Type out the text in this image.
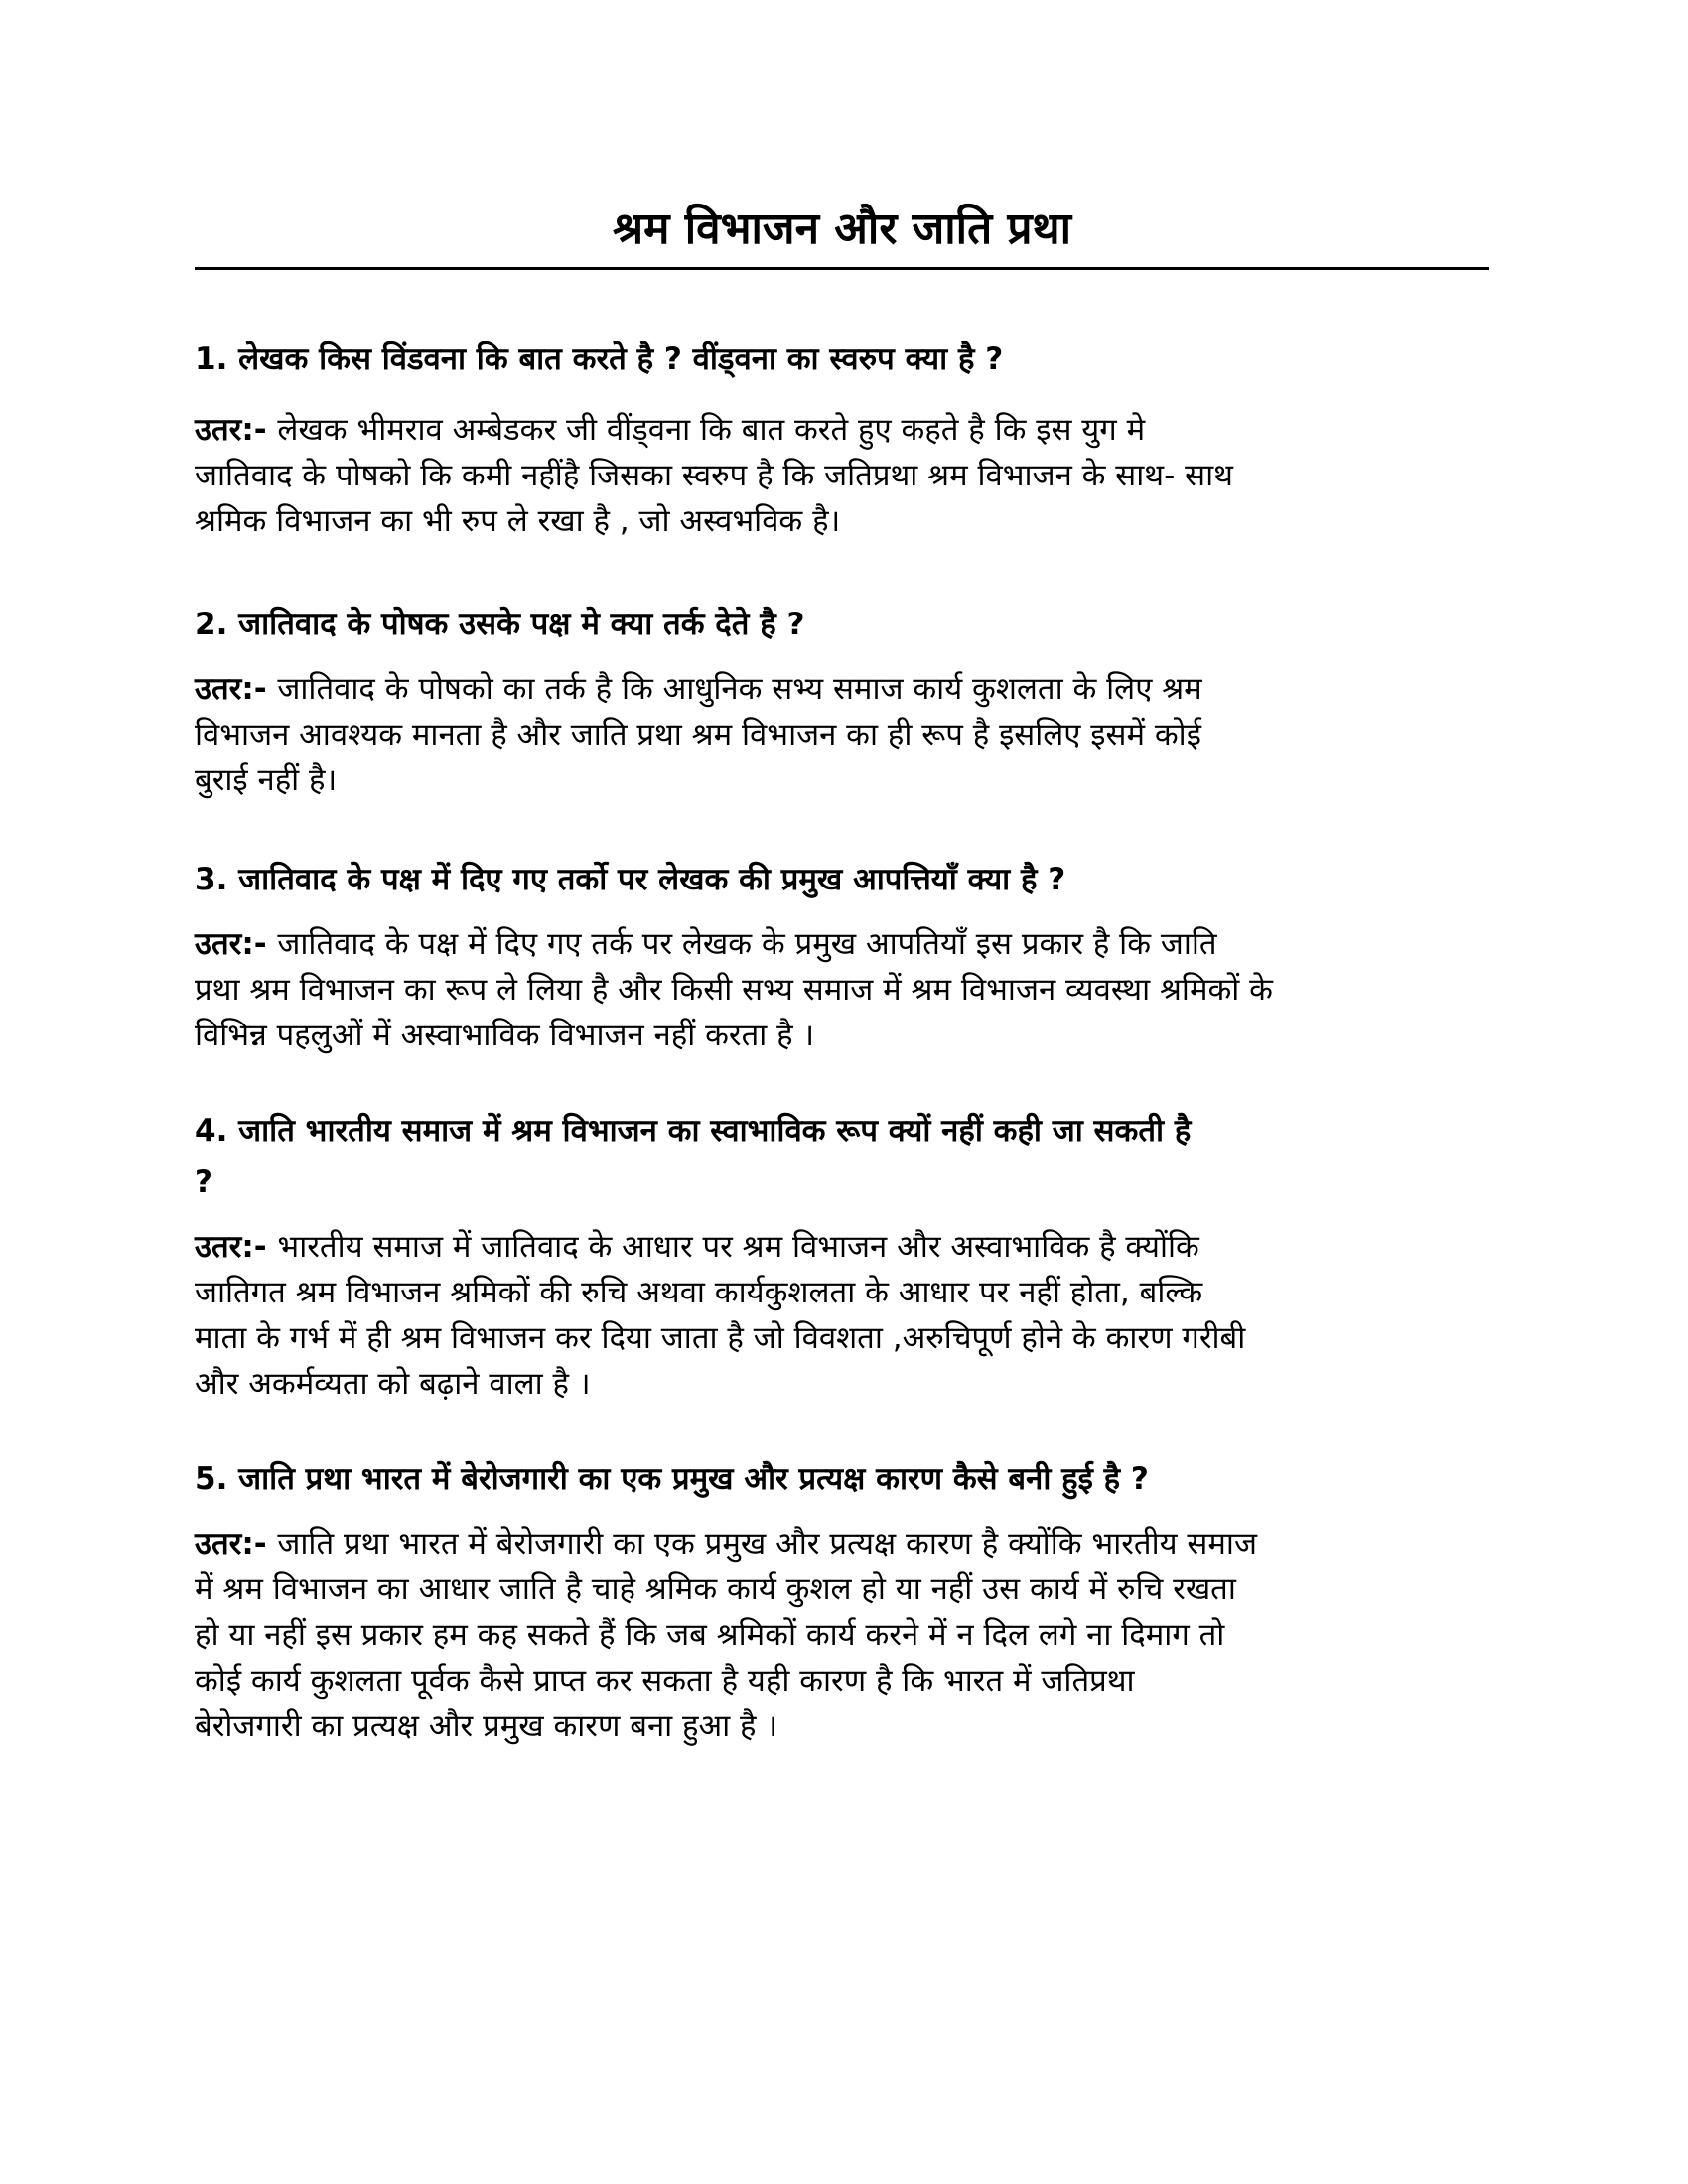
श्रम विभाजन और जाति प्रथा

1. लेखक किस विंडवना कि बात करते है ? वींड्वना का स्वरुप क्या है ?

उतर:- लेखक भीमराव अम्बेडकर जी वींड्वना कि बात करते हुए कहते है कि इस युग मे
जातिवाद के पोषको कि कमी नहींहै जिसका स्वरुप है कि जतिप्रथा श्रम विभाजन के साथ- साथ
श्रमिक विभाजन का भी रुप ले रखा है , जो अस्वभविक है।

2. जातिवाद के पोषक उसके पक्ष मे क्या तर्क देते है ?

उतर:- जातिवाद के पोषको का तर्क है कि आधुनिक सभ्य समाज कार्य कुशलता के लिए श्रम
विभाजन आवश्यक मानता है और जाति प्रथा श्रम विभाजन का ही रूप है इसलिए इसमें कोई
बुराई नहीं है।

3. जातिवाद के पक्ष में दिए गए तर्को पर लेखक की प्रमुख आपत्तियाँ क्या है ?

उतर:- जातिवाद के पक्ष में दिए गए तर्क पर लेखक के प्रमुख आपतियाँ इस प्रकार है कि जाति
प्रथा श्रम विभाजन का रूप ले लिया है और किसी सभ्य समाज में श्रम विभाजन व्यवस्था श्रमिकों के
विभिन्न पहलुओं में अस्वाभाविक विभाजन नहीं करता है ।

4. जाति भारतीय समाज में श्रम विभाजन का स्वाभाविक रूप क्यों नहीं कही जा सकती है
?

उतर:- भारतीय समाज में जातिवाद के आधार पर श्रम विभाजन और अस्वाभाविक है क्योंकि
जातिगत श्रम विभाजन श्रमिकों की रुचि अथवा कार्यकुशलता के आधार पर नहीं होता, बल्कि
माता के गर्भ में ही श्रम विभाजन कर दिया जाता है जो विवशता ,अरुचिपूर्ण होने के कारण गरीबी
और अकर्मव्यता को बढ़ाने वाला है ।

5. जाति प्रथा भारत में बेरोजगारी का एक प्रमुख और प्रत्यक्ष कारण कैसे बनी हुई है ?

उतर:- जाति प्रथा भारत में बेरोजगारी का एक प्रमुख और प्रत्यक्ष कारण है क्योंकि भारतीय समाज
में श्रम विभाजन का आधार जाति है चाहे श्रमिक कार्य कुशल हो या नहीं उस कार्य में रुचि रखता
हो या नहीं इस प्रकार हम कह सकते हैं कि जब श्रमिकों कार्य करने में न दिल लगे ना दिमाग तो
कोई कार्य कुशलता पूर्वक कैसे प्राप्त कर सकता है यही कारण है कि भारत में जतिप्रथा
बेरोजगारी का प्रत्यक्ष और प्रमुख कारण बना हुआ है ।
